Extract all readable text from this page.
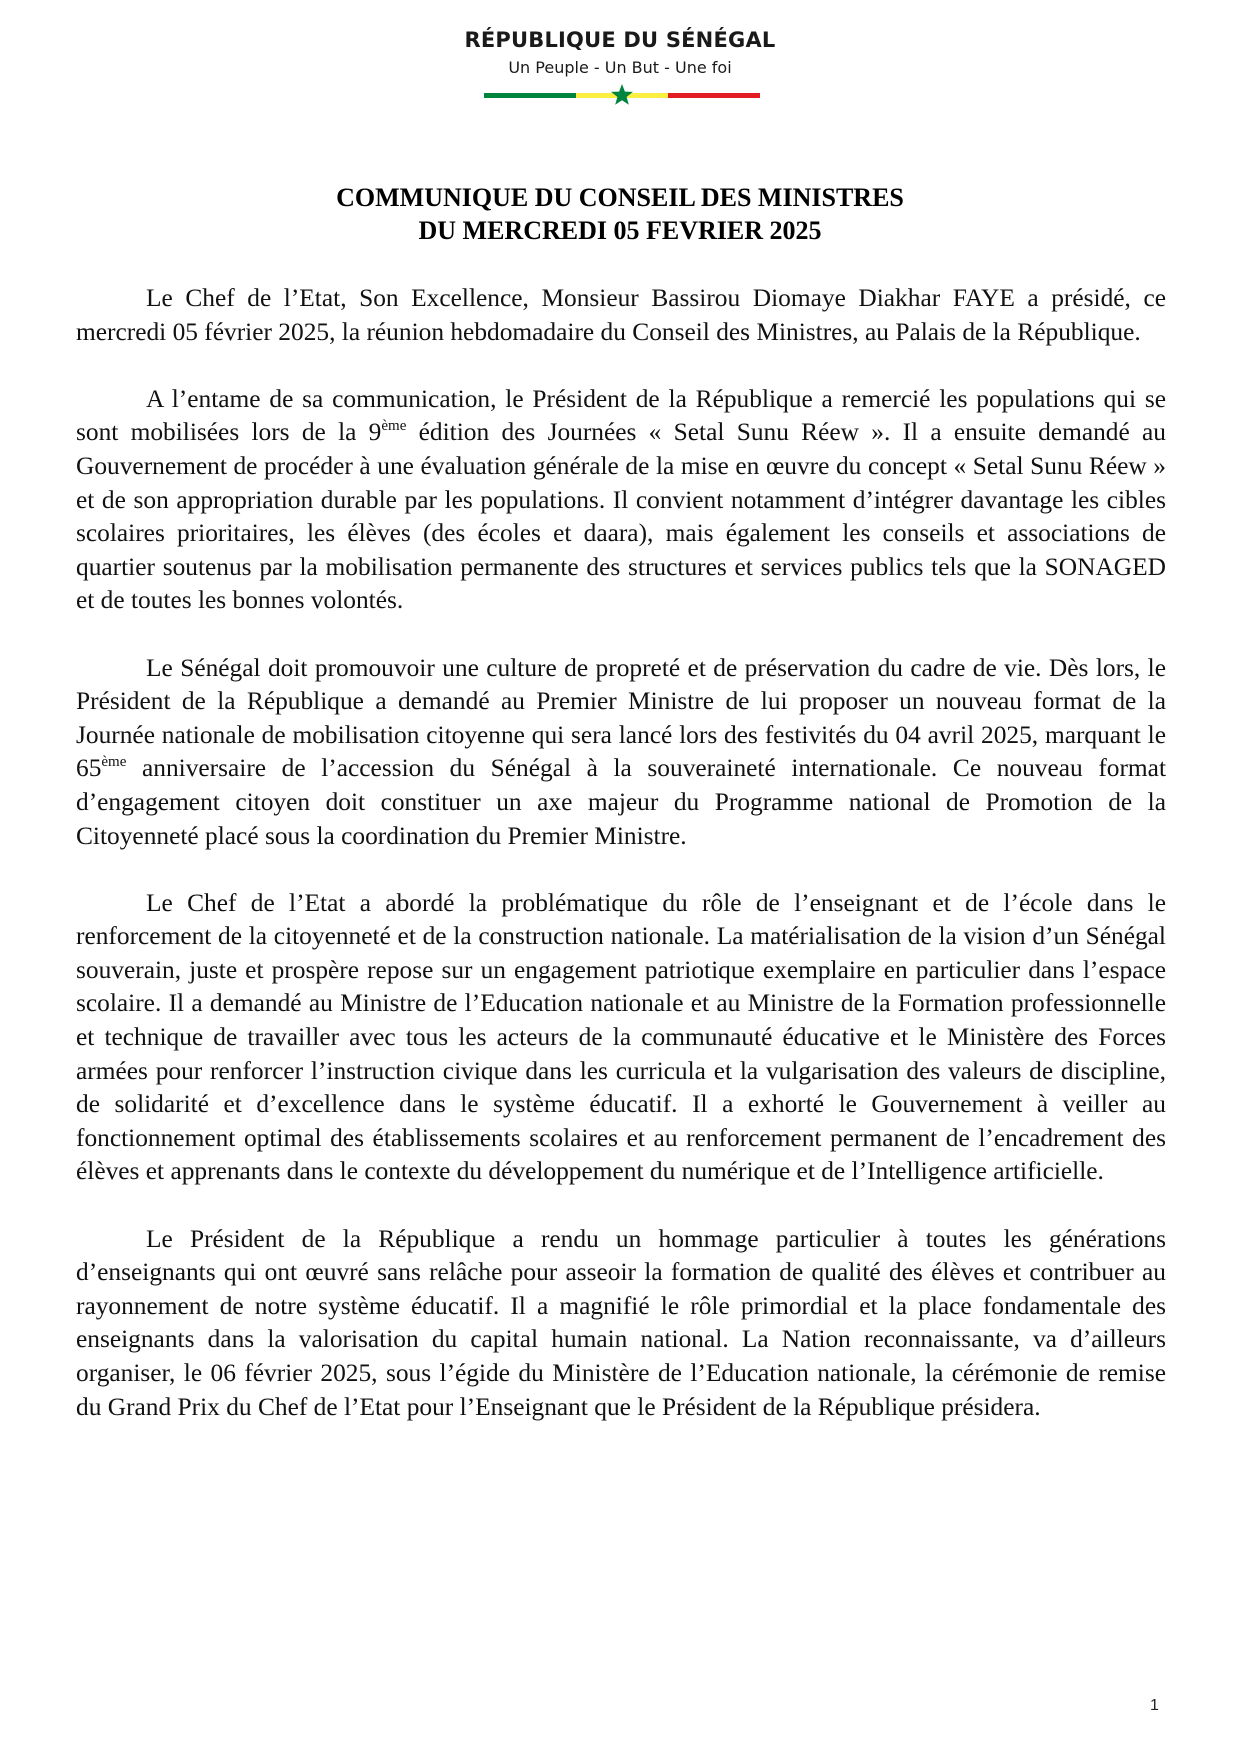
RÉPUBLIQUE DU SÉNÉGAL
Un Peuple - Un But - Une foi
COMMUNIQUE DU CONSEIL DES MINISTRES
DU MERCREDI 05 FEVRIER 2025

Le Chef de l’Etat, Son Excellence, Monsieur Bassirou Diomaye Diakhar FAYE a présidé, ce mercredi 05 février 2025, la réunion hebdomadaire du Conseil des Ministres, au Palais de la République.

A l’entame de sa communication, le Président de la République a remercié les populations qui se sont mobilisées lors de la 9ème édition des Journées « Setal Sunu Réew ». Il a ensuite demandé au Gouvernement de procéder à une évaluation générale de la mise en œuvre du concept « Setal Sunu Réew » et de son appropriation durable par les populations. Il convient notamment d’intégrer davantage les cibles scolaires prioritaires, les élèves (des écoles et daara), mais également les conseils et associations de quartier soutenus par la mobilisation permanente des structures et services publics tels que la SONAGED et de toutes les bonnes volontés.

Le Sénégal doit promouvoir une culture de propreté et de préservation du cadre de vie. Dès lors, le Président de la République a demandé au Premier Ministre de lui proposer un nouveau format de la Journée nationale de mobilisation citoyenne qui sera lancé lors des festivités du 04 avril 2025, marquant le 65ème anniversaire de l’accession du Sénégal à la souveraineté internationale. Ce nouveau format d’engagement citoyen doit constituer un axe majeur du Programme national de Promotion de la Citoyenneté placé sous la coordination du Premier Ministre.

Le Chef de l’Etat a abordé la problématique du rôle de l’enseignant et de l’école dans le renforcement de la citoyenneté et de la construction nationale. La matérialisation de la vision d’un Sénégal souverain, juste et prospère repose sur un engagement patriotique exemplaire en particulier dans l’espace scolaire. Il a demandé au Ministre de l’Education nationale et au Ministre de la Formation professionnelle et technique de travailler avec tous les acteurs de la communauté éducative et le Ministère des Forces armées pour renforcer l’instruction civique dans les curricula et la vulgarisation des valeurs de discipline, de solidarité et d’excellence dans le système éducatif. Il a exhorté le Gouvernement à veiller au fonctionnement optimal des établissements scolaires et au renforcement permanent de l’encadrement des élèves et apprenants dans le contexte du développement du numérique et de l’Intelligence artificielle.

Le Président de la République a rendu un hommage particulier à toutes les générations d’enseignants qui ont œuvré sans relâche pour asseoir la formation de qualité des élèves et contribuer au rayonnement de notre système éducatif. Il a magnifié le rôle primordial et la place fondamentale des enseignants dans la valorisation du capital humain national. La Nation reconnaissante, va d’ailleurs organiser, le 06 février 2025, sous l’égide du Ministère de l’Education nationale, la cérémonie de remise du Grand Prix du Chef de l’Etat pour l’Enseignant que le Président de la République présidera.

1
